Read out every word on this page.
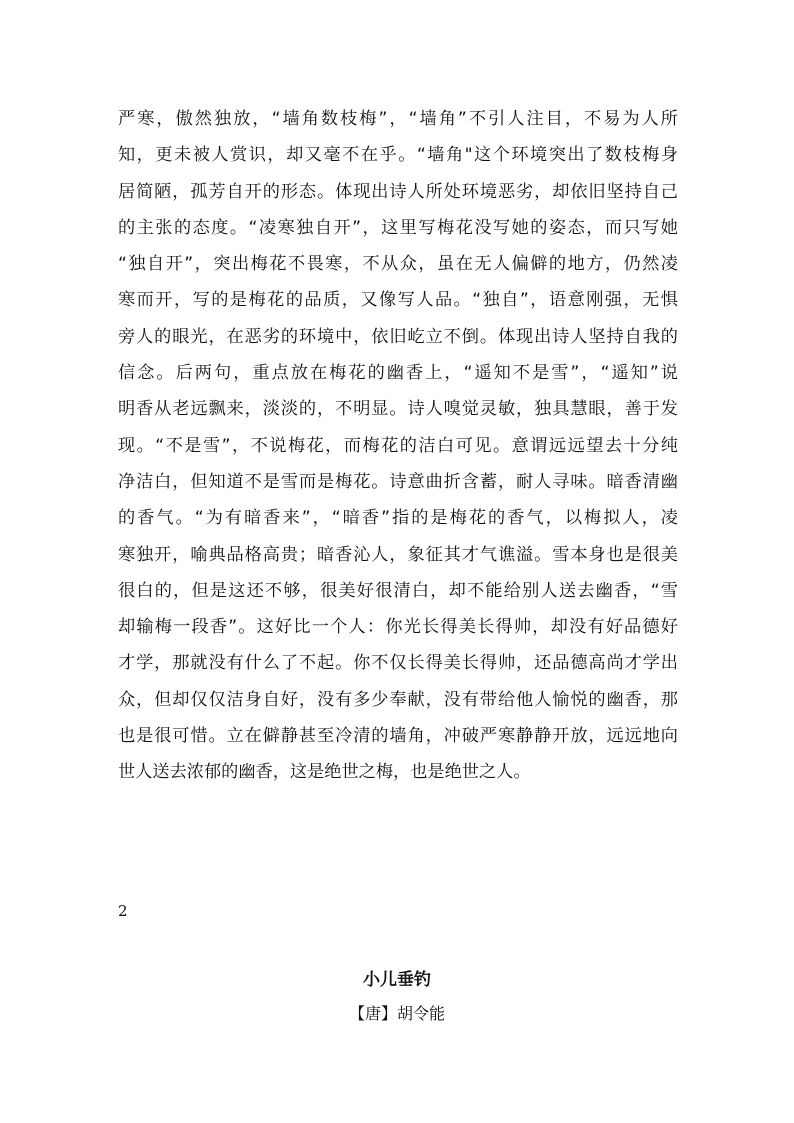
严寒，傲然独放，“墙角数枝梅”，“墙角”不引人注目，不易为人所
知，更未被人赏识，却又毫不在乎。“墙角"这个环境突出了数枝梅身
居简陋，孤芳自开的形态。体现出诗人所处环境恶劣，却依旧坚持自己
的主张的态度。“凌寒独自开”，这里写梅花没写她的姿态，而只写她
“独自开”，突出梅花不畏寒，不从众，虽在无人偏僻的地方，仍然凌
寒而开，写的是梅花的品质，又像写人品。“独自”，语意刚强，无惧
旁人的眼光，在恶劣的环境中，依旧屹立不倒。体现出诗人坚持自我的
信念。后两句，重点放在梅花的幽香上，“遥知不是雪”，“遥知”说
明香从老远飘来，淡淡的，不明显。诗人嗅觉灵敏，独具慧眼，善于发
现。“不是雪”，不说梅花，而梅花的洁白可见。意谓远远望去十分纯
净洁白，但知道不是雪而是梅花。诗意曲折含蓄，耐人寻味。暗香清幽
的香气。“为有暗香来”，“暗香”指的是梅花的香气，以梅拟人，凌
寒独开，喻典品格高贵；暗香沁人，象征其才气谯溢。雪本身也是很美
很白的，但是这还不够，很美好很清白，却不能给别人送去幽香，“雪
却输梅一段香”。这好比一个人：你光长得美长得帅，却没有好品德好
才学，那就没有什么了不起。你不仅长得美长得帅，还品德高尚才学出
众，但却仅仅洁身自好，没有多少奉献，没有带给他人愉悦的幽香，那
也是很可惜。立在僻静甚至冷清的墙角，冲破严寒静静开放，远远地向
世人送去浓郁的幽香，这是绝世之梅，也是绝世之人。
2
小儿垂钓
【唐】胡令能
